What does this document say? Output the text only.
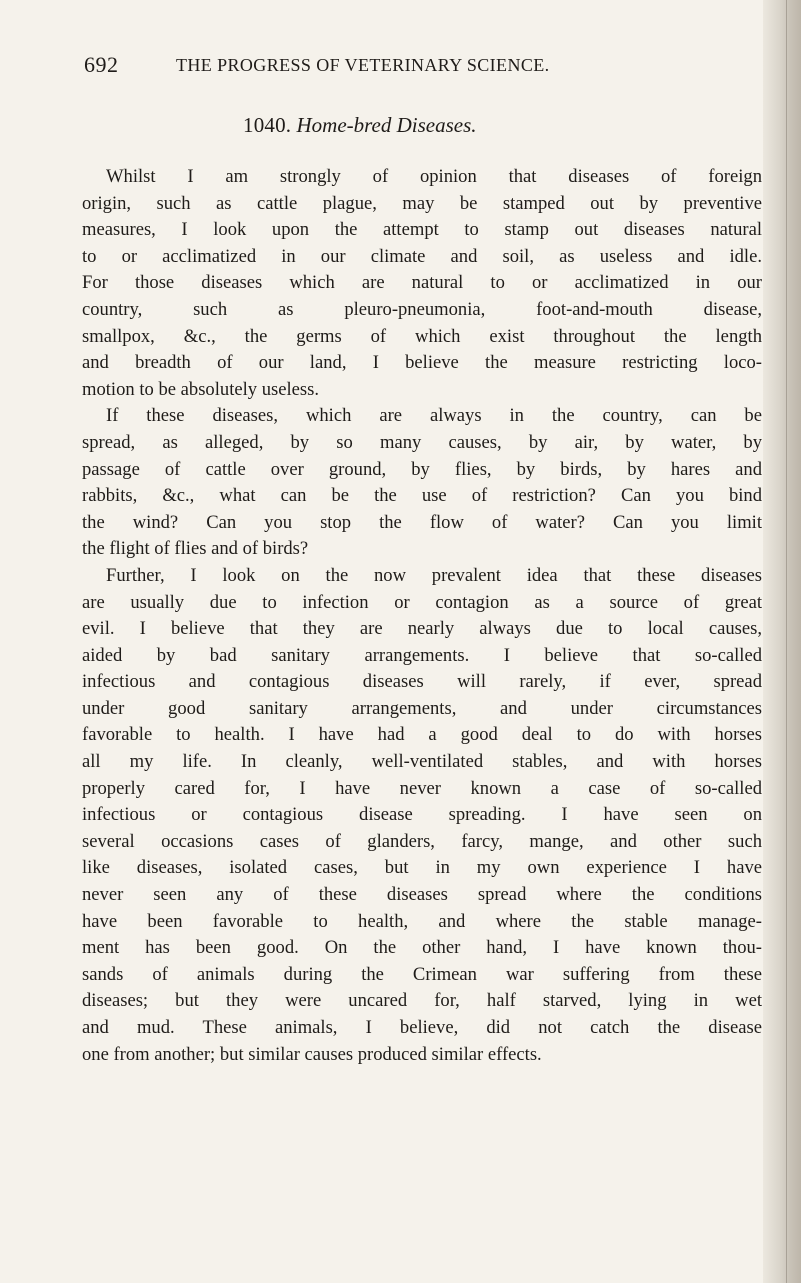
692	THE PROGRESS OF VETERINARY SCIENCE.
1040. Home-bred Diseases.
Whilst I am strongly of opinion that diseases of foreign
origin, such as cattle plague, may be stamped out by preventive
measures, I look upon the attempt to stamp out diseases natural
to or acclimatized in our climate and soil, as useless and idle.
For those diseases which are natural to or acclimatized in our
country, such as pleuro-pneumonia, foot-and-mouth disease,
smallpox, &c., the germs of which exist throughout the length
and breadth of our land, I believe the measure restricting loco-
motion to be absolutely useless.
If these diseases, which are always in the country, can be
spread, as alleged, by so many causes, by air, by water, by
passage of cattle over ground, by flies, by birds, by hares and
rabbits, &c., what can be the use of restriction? Can you bind
the wind? Can you stop the flow of water? Can you limit
the flight of flies and of birds?
Further, I look on the now prevalent idea that these diseases
are usually due to infection or contagion as a source of great
evil. I believe that they are nearly always due to local causes,
aided by bad sanitary arrangements. I believe that so-called
infectious and contagious diseases will rarely, if ever, spread
under good sanitary arrangements, and under circumstances
favorable to health. I have had a good deal to do with horses
all my life. In cleanly, well-ventilated stables, and with horses
properly cared for, I have never known a case of so-called
infectious or contagious disease spreading. I have seen on
several occasions cases of glanders, farcy, mange, and other such
like diseases, isolated cases, but in my own experience I have
never seen any of these diseases spread where the conditions
have been favorable to health, and where the stable manage-
ment has been good. On the other hand, I have known thou-
sands of animals during the Crimean war suffering from these
diseases; but they were uncared for, half starved, lying in wet
and mud. These animals, I believe, did not catch the disease
one from another; but similar causes produced similar effects.
